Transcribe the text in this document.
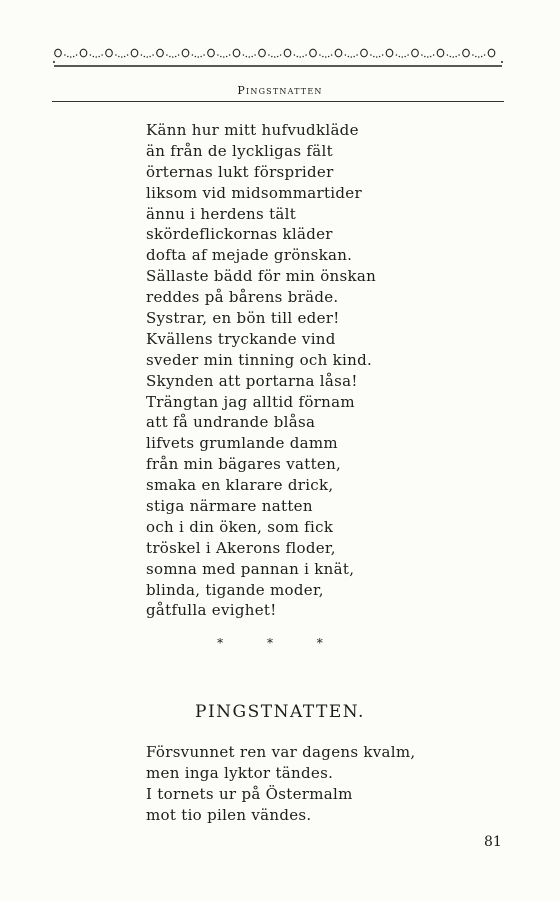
Pingstnatten
Känn hur mitt hufvudkläde
än från de lyckligas fält
örternas lukt försprider
liksom vid midsommartider
ännu i herdens tält
skördeflickornas kläder
dofta af mejade grönskan.
Sällaste bädd för min önskan
reddes på bårens bräde.
Systrar, en bön till eder!
Kvällens tryckande vind
sveder min tinning och kind.
Skynden att portarna låsa!
Trängtan jag alltid förnam
att få undrande blåsa
lifvets grumlande damm
från min bägares vatten,
smaka en klarare drick,
stiga närmare natten
och i din öken, som fick
tröskel i Akerons floder,
somna med pannan i knät,
blinda, tigande moder,
gåtfulla evighet!
* * *
PINGSTNATTEN.
Försvunnet ren var dagens kvalm,
men inga lyktor tändes.
I tornets ur på Östermalm
mot tio pilen vändes.
81
